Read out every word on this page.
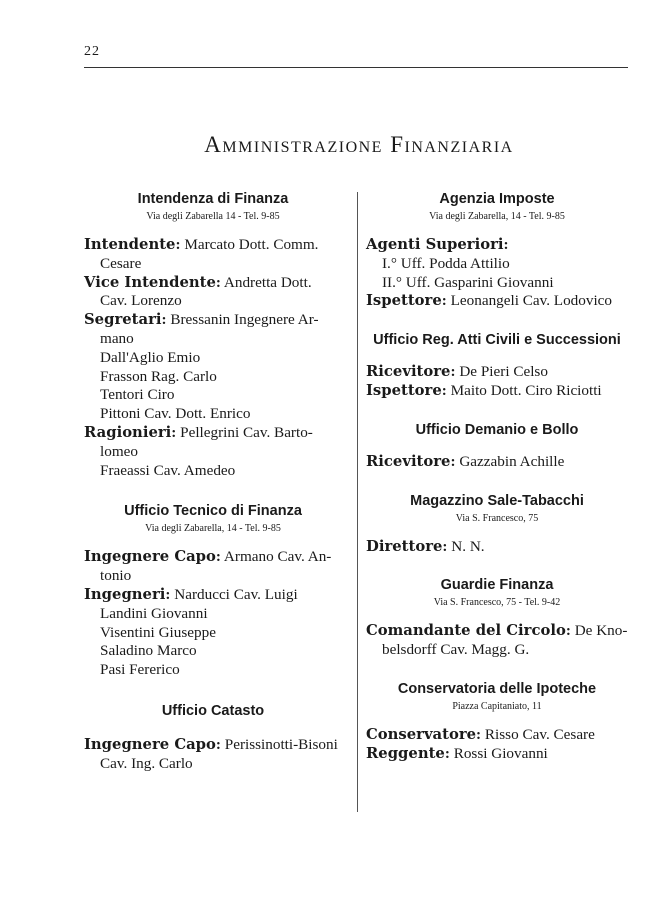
22
Amministrazione Finanziaria
Intendenza di Finanza
Via degli Zabarella 14 - Tel. 9-85
Intendente: Marcato Dott. Comm.
Cesare
Vice Intendente: Andretta Dott.
Cav. Lorenzo
Segretari: Bressanin Ingegnere Ar-
mano
Dall'Aglio Emio
Frasson Rag. Carlo
Tentori Ciro
Pittoni Cav. Dott. Enrico
Ragionieri: Pellegrini Cav. Barto-
lomeo
Fraeassi Cav. Amedeo
Ufficio Tecnico di Finanza
Via degli Zabarella, 14 - Tel. 9-85
Ingegnere Capo: Armano Cav. An-
tonio
Ingegneri: Narducci Cav. Luigi
Landini Giovanni
Visentini Giuseppe
Saladino Marco
Pasi Fererico
Ufficio Catasto
Ingegnere Capo: Perissinotti-Bisoni
Cav. Ing. Carlo
Agenzia Imposte
Via degli Zabarella, 14 - Tel. 9-85
Agenti Superiori:
I.° Uff. Podda Attilio
II.° Uff. Gasparini Giovanni
Ispettore: Leonangeli Cav. Lodovico
Ufficio Reg. Atti Civili e Successioni
Ricevitore: De Pieri Celso
Ispettore: Maito Dott. Ciro Riciotti
Ufficio Demanio e Bollo
Ricevitore: Gazzabin Achille
Magazzino Sale-Tabacchi
Via S. Francesco, 75
Direttore: N. N.
Guardie Finanza
Via S. Francesco, 75 - Tel. 9-42
Comandante del Circolo: De Kno-
belsdorff Cav. Magg. G.
Conservatoria delle Ipoteche
Piazza Capitaniato, 11
Conservatore: Risso Cav. Cesare
Reggente: Rossi Giovanni
